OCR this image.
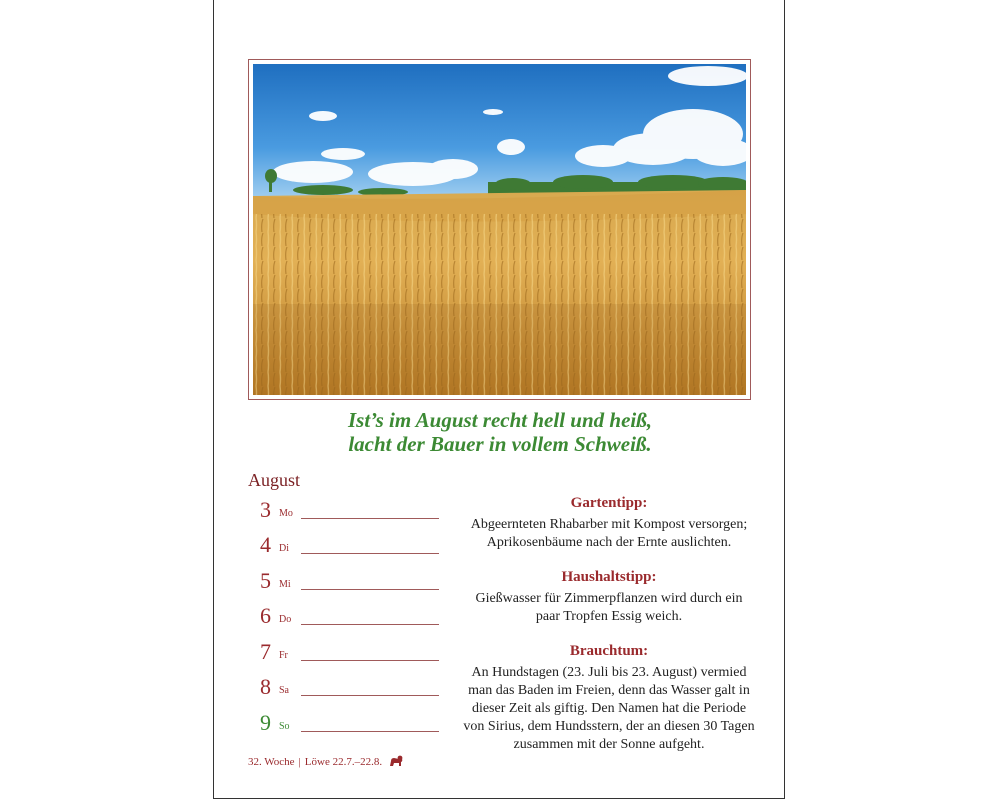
Ist’s im August recht hell und heiß,
lacht der Bauer in vollem Schweiß.
August
3 Mo
4 Di
5 Mi
6 Do
7 Fr
8 Sa
9 So
Gartentipp:
Abgeernteten Rhabarber mit Kompost versorgen;
Aprikosenbäume nach der Ernte auslichten.
Haushaltstipp:
Gießwasser für Zimmerpflanzen wird durch ein
paar Tropfen Essig weich.
Brauchtum:
An Hundstagen (23. Juli bis 23. August) vermied
man das Baden im Freien, denn das Wasser galt in
dieser Zeit als giftig. Den Namen hat die Periode
von Sirius, dem Hundsstern, der an diesen 30 Tagen
zusammen mit der Sonne aufgeht.
32. Woche | Löwe 22.7.–22.8.
